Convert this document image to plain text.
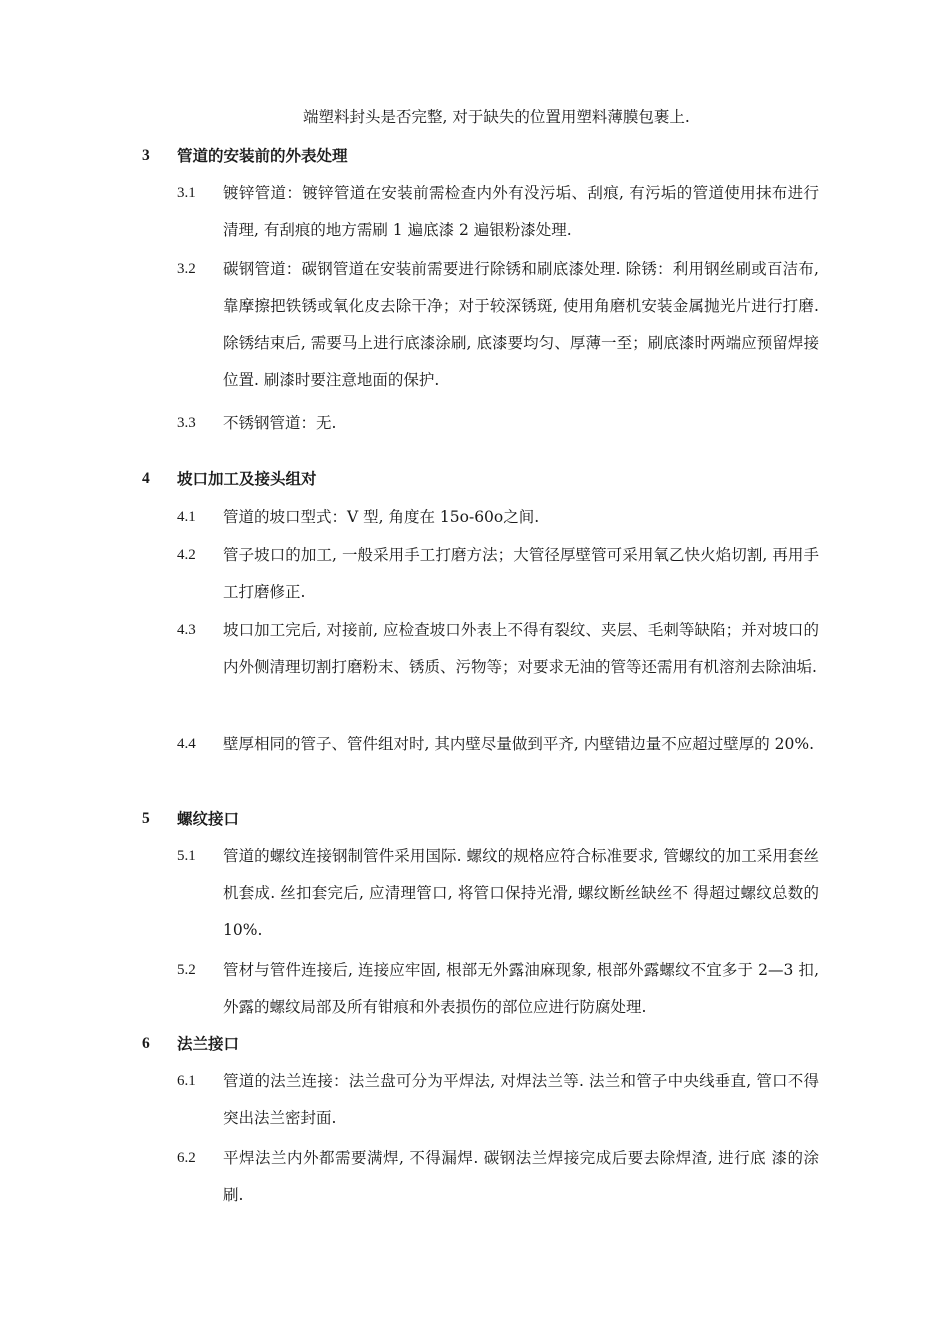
端塑料封头是否完整, 对于缺失的位置用塑料薄膜包裹上.
3 管道的安装前的外表处理
3.1 镀锌管道：镀锌管道在安装前需检查内外有没污垢、刮痕, 有污垢的管道使用抹布进行清理, 有刮痕的地方需刷 1 遍底漆 2 遍银粉漆处理.
3.2 碳钢管道：碳钢管道在安装前需要进行除锈和刷底漆处理. 除锈：利用钢丝刷或百洁布, 靠摩擦把铁锈或氧化皮去除干净；对于较深锈斑, 使用角磨机安装金属抛光片进行打磨. 除锈结束后, 需要马上进行底漆涂刷, 底漆要均匀、厚薄一至；刷底漆时两端应预留焊接位置. 刷漆时要注意地面的保护.
3.3 不锈钢管道：无.
4 坡口加工及接头组对
4.1 管道的坡口型式：V 型, 角度在 15o-60o之间.
4.2 管子坡口的加工, 一般采用手工打磨方法；大管径厚壁管可采用氧乙快火焰切割, 再用手工打磨修正.
4.3 坡口加工完后, 对接前, 应检查坡口外表上不得有裂纹、夹层、毛刺等缺陷；并对坡口的内外侧清理切割打磨粉末、锈质、污物等；对要求无油的管等还需用有机溶剂去除油垢.
4.4 壁厚相同的管子、管件组对时, 其内壁尽量做到平齐, 内壁错边量不应超过壁厚的 20%.
5 螺纹接口
5.1 管道的螺纹连接钢制管件采用国际. 螺纹的规格应符合标准要求, 管螺纹的加工采用套丝机套成. 丝扣套完后, 应清理管口, 将管口保持光滑, 螺纹断丝缺丝不 得超过螺纹总数的 10%.
5.2 管材与管件连接后, 连接应牢固, 根部无外露油麻现象, 根部外露螺纹不宜多于 2—3 扣, 外露的螺纹局部及所有钳痕和外表损伤的部位应进行防腐处理.
6 法兰接口
6.1 管道的法兰连接：法兰盘可分为平焊法, 对焊法兰等. 法兰和管子中央线垂直, 管口不得突出法兰密封面.
6.2 平焊法兰内外都需要满焊, 不得漏焊. 碳钢法兰焊接完成后要去除焊渣, 进行底 漆的涂刷.
